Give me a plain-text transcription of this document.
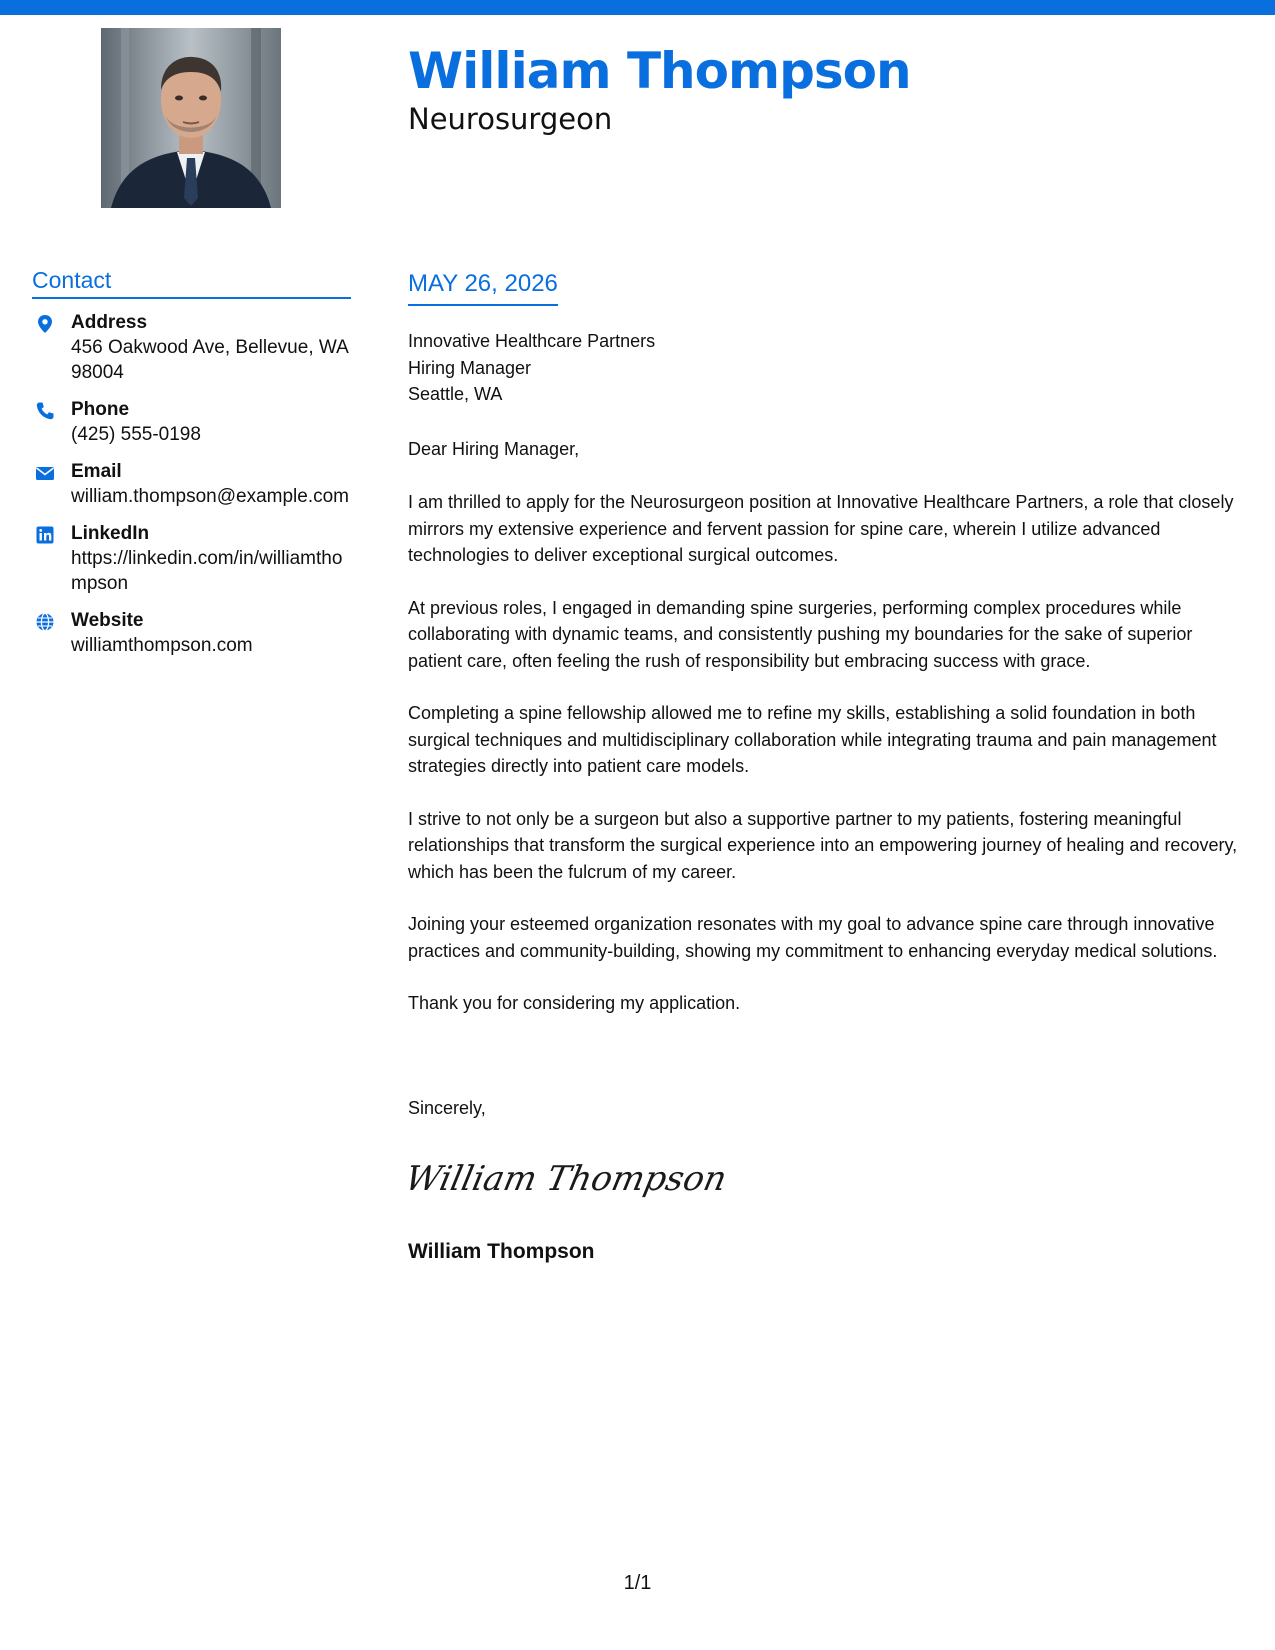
William Thompson
Neurosurgeon
Contact
Address
456 Oakwood Ave, Bellevue, WA 98004
Phone
(425) 555-0198
Email
william.thompson@example.com
LinkedIn
https://linkedin.com/in/williamthompson
Website
williamthompson.com
MAY 26, 2026
Innovative Healthcare Partners
Hiring Manager
Seattle, WA
Dear Hiring Manager,

I am thrilled to apply for the Neurosurgeon position at Innovative Healthcare Partners, a role that closely mirrors my extensive experience and fervent passion for spine care, wherein I utilize advanced technologies to deliver exceptional surgical outcomes.

At previous roles, I engaged in demanding spine surgeries, performing complex procedures while collaborating with dynamic teams, and consistently pushing my boundaries for the sake of superior patient care, often feeling the rush of responsibility but embracing success with grace.

Completing a spine fellowship allowed me to refine my skills, establishing a solid foundation in both surgical techniques and multidisciplinary collaboration while integrating trauma and pain management strategies directly into patient care models.

I strive to not only be a surgeon but also a supportive partner to my patients, fostering meaningful relationships that transform the surgical experience into an empowering journey of healing and recovery, which has been the fulcrum of my career.

Joining your esteemed organization resonates with my goal to advance spine care through innovative practices and community-building, showing my commitment to enhancing everyday medical solutions.

Thank you for considering my application.

Sincerely,
William Thompson
William Thompson
1/1
